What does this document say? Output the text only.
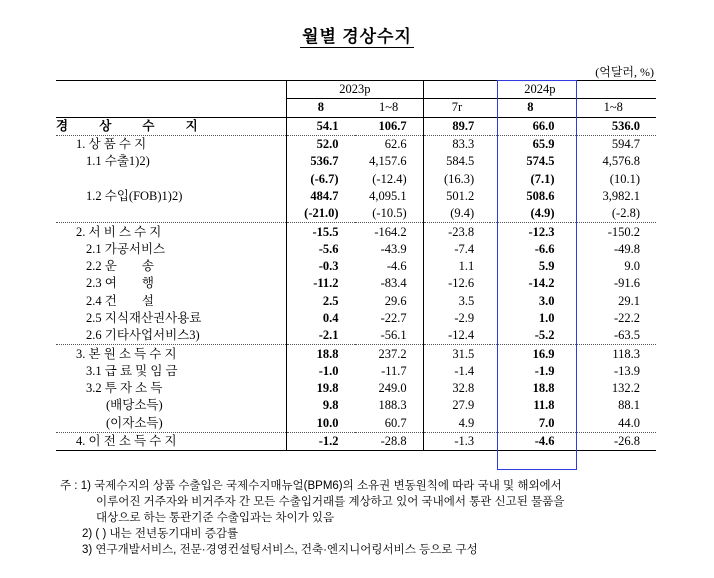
월별 경상수지
(억달러, %)
	2023p		2024p		
	8	1~8	7r	8	1~8
경 상 수 지	54.1	106.7	89.7	66.0	536.0
1. 상 품 수 지	52.0	62.6	83.3	65.9	594.7
1.1 수출1)2)	536.7	4,157.6	584.5	574.5	4,576.8
	(-6.7)	(-12.4)	(16.3)	(7.1)	(10.1)
1.2 수입(FOB)1)2)	484.7	4,095.1	501.2	508.6	3,982.1
	(-21.0)	(-10.5)	(9.4)	(4.9)	(-2.8)
2. 서 비 스 수 지	-15.5	-164.2	-23.8	-12.3	-150.2
2.1 가공서비스	-5.6	-43.9	-7.4	-6.6	-49.8
2.2 운　　송	-0.3	-4.6	1.1	5.9	9.0
2.3 여　　행	-11.2	-83.4	-12.6	-14.2	-91.6
2.4 건　　설	2.5	29.6	3.5	3.0	29.1
2.5 지식재산권사용료	0.4	-22.7	-2.9	1.0	-22.2
2.6 기타사업서비스3)	-2.1	-56.1	-12.4	-5.2	-63.5
3. 본 원 소 득 수 지	18.8	237.2	31.5	16.9	118.3
3.1 급 료 및 임 금	-1.0	-11.7	-1.4	-1.9	-13.9
3.2 투 자 소 득	19.8	249.0	32.8	18.8	132.2
(배당소득)	9.8	188.3	27.9	11.8	88.1
(이자소득)	10.0	60.7	4.9	7.0	44.0
4. 이 전 소 득 수 지	-1.2	-28.8	-1.3	-4.6	-26.8
주 : 1) 국제수지의 상품 수출입은 국제수지매뉴얼(BPM6)의 소유권 변동원칙에 따라 국내 및 해외에서
이루어진 거주자와 비거주자 간 모든 수출입거래를 계상하고 있어 국내에서 통관 신고된 물품을
대상으로 하는 통관기준 수출입과는 차이가 있음
2) ( ) 내는 전년동기대비 증감률
3) 연구개발서비스, 전문·경영컨설팅서비스, 건축·엔지니어링서비스 등으로 구성
